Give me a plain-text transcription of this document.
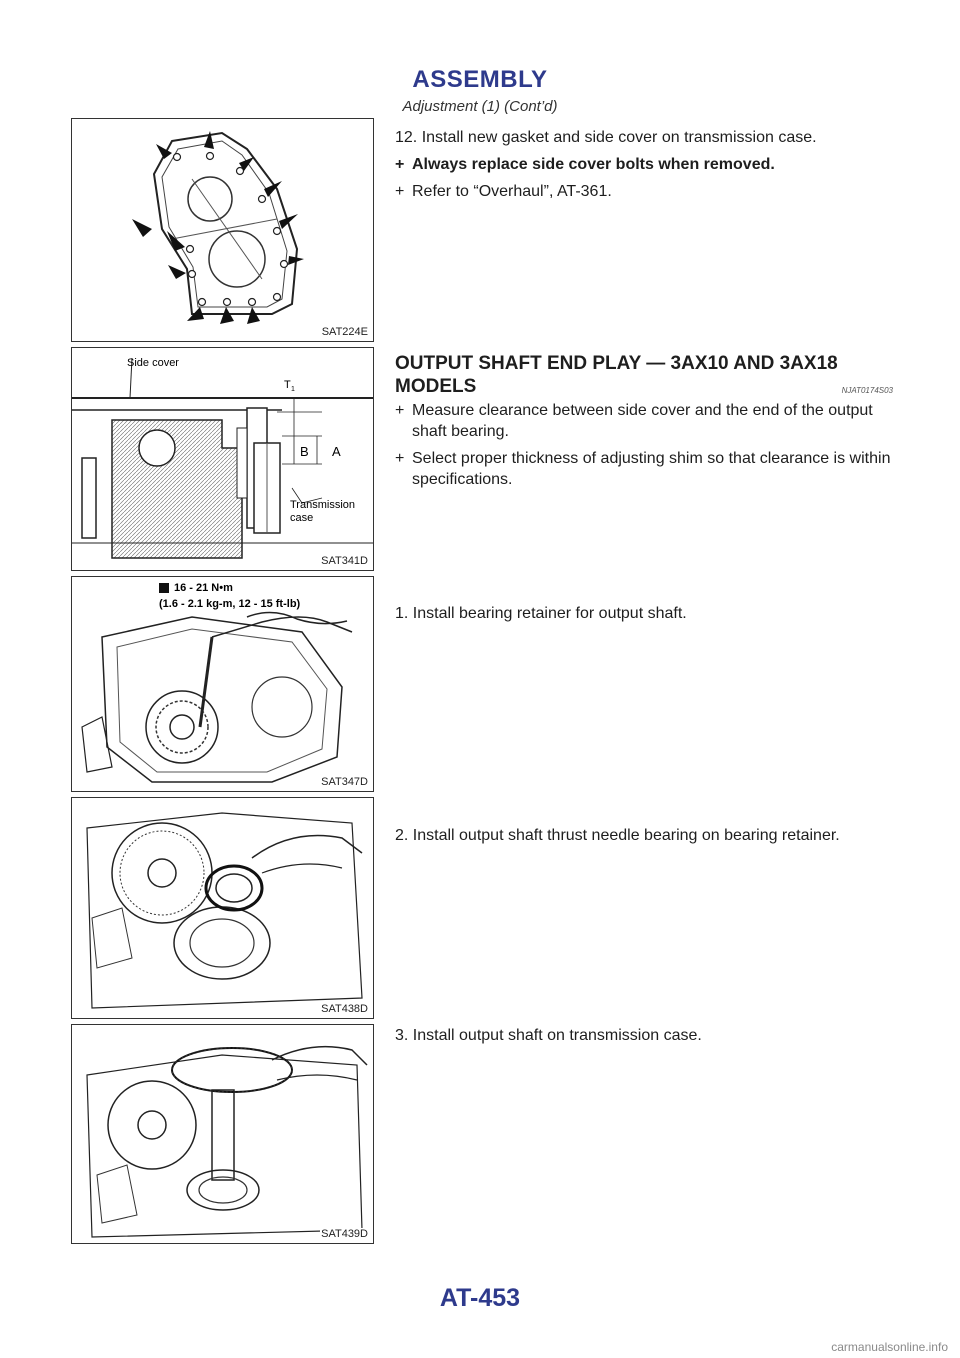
ASSEMBLY
Adjustment (1) (Cont’d)
SAT224E

12. Install new gasket and side cover on transmission case.

+ Always replace side cover bolts when removed.
+ Refer to “Overhaul”, AT-361.
Side cover
T 1
B A
Transmission
case
SAT341D
OUTPUT SHAFT END PLAY — 3AX10 AND 3AX18
MODELS	NJAT0174S03
+ Measure clearance between side cover and the end of the output shaft bearing.
+ Select proper thickness of adjusting shim so that clearance is within specifications.
16 - 21 N•m
(1.6 - 2.1 kg-m, 12 - 15 ft-lb)
SAT347D

1. Install bearing retainer for output shaft.

SAT438D

2. Install output shaft thrust needle bearing on bearing retainer.

SAT439D

3. Install output shaft on transmission case.

AT-453
carmanualsonline.info
